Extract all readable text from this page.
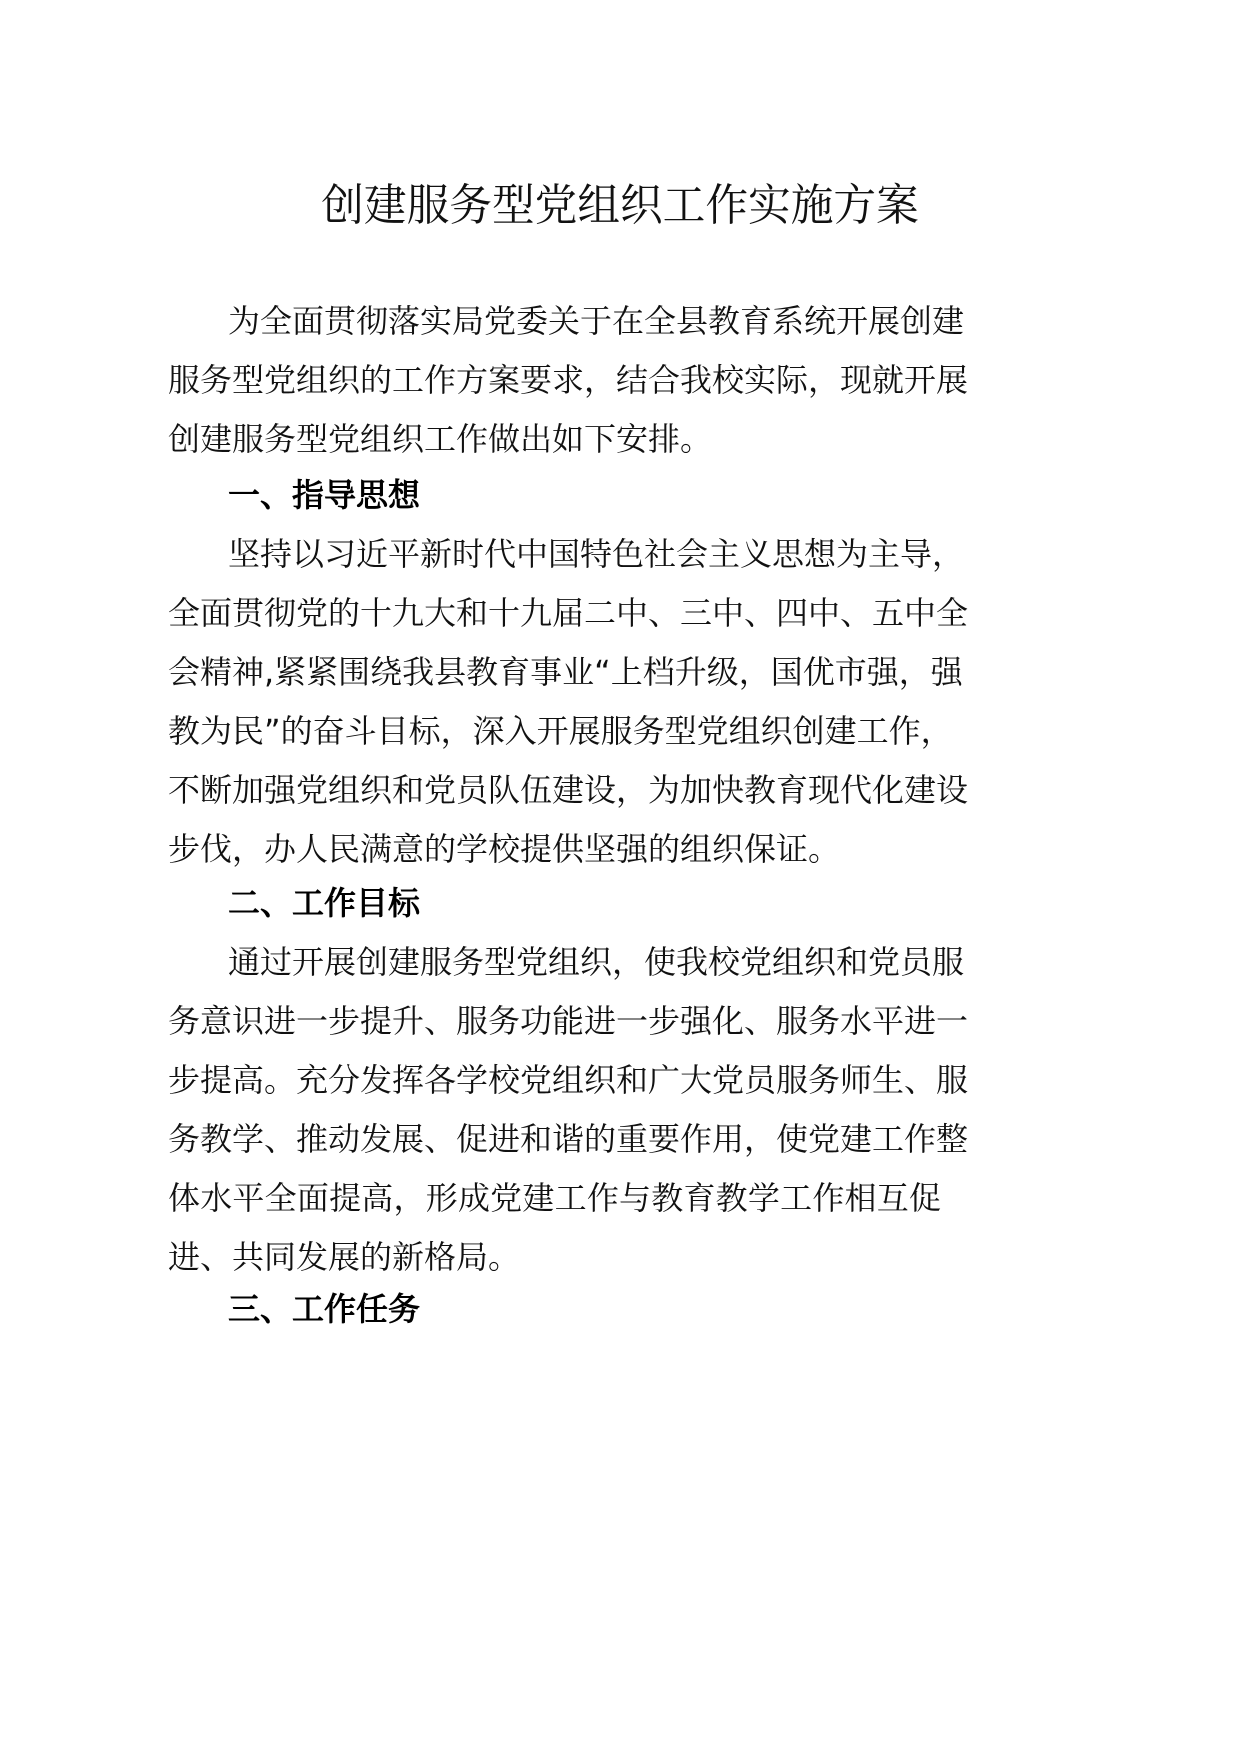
创建服务型党组织工作实施方案
为全面贯彻落实局党委关于在全县教育系统开展创建
服务型党组织的工作方案要求，结合我校实际，现就开展
创建服务型党组织工作做出如下安排。
一、指导思想
坚持以习近平新时代中国特色社会主义思想为主导，
全面贯彻党的十九大和十九届二中、三中、四中、五中全
会精神,紧紧围绕我县教育事业“上档升级，国优市强，强
教为民”的奋斗目标，深入开展服务型党组织创建工作，
不断加强党组织和党员队伍建设，为加快教育现代化建设
步伐，办人民满意的学校提供坚强的组织保证。
二、工作目标
通过开展创建服务型党组织，使我校党组织和党员服
务意识进一步提升、服务功能进一步强化、服务水平进一
步提高。充分发挥各学校党组织和广大党员服务师生、服
务教学、推动发展、促进和谐的重要作用，使党建工作整
体水平全面提高，形成党建工作与教育教学工作相互促
进、共同发展的新格局。
三、工作任务
